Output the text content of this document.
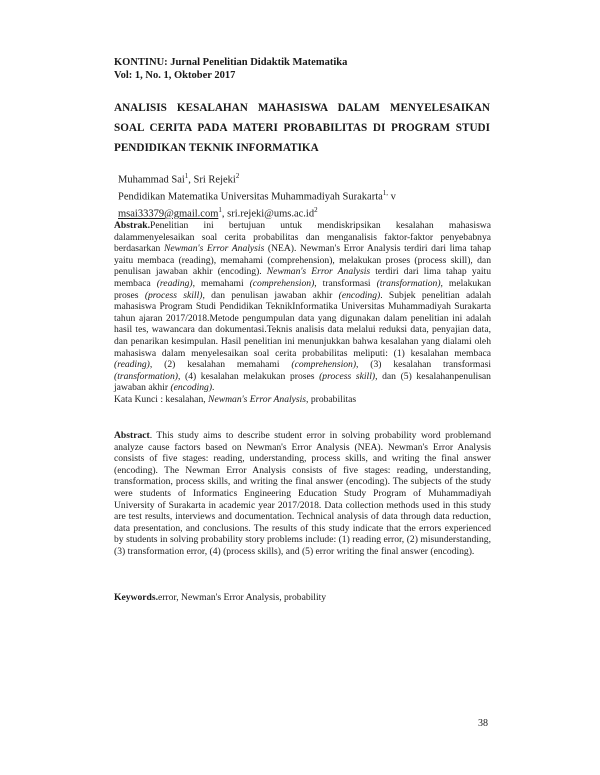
KONTINU: Jurnal Penelitian Didaktik Matematika
Vol: 1, No. 1, Oktober 2017
ANALISIS KESALAHAN MAHASISWA DALAM MENYELESAIKAN
SOAL CERITA PADA MATERI PROBABILITAS DI PROGRAM STUDI
PENDIDIKAN TEKNIK INFORMATIKA
Muhammad Sai$^1$, Sri Rejeki$^2$
Pendidikan Matematika Universitas Muhammadiyah Surakarta$^{1,}$ v
msai33379@gmail.com$^1$, $sri.rejeki@ums.ac.id^2$
Abstrak.Penelitian ini bertujuan untuk mendiskripsikan kesalahan mahasiswa dalammenyelesaikan soal cerita probabilitas dan menganalisis faktor-faktor penyebabnya berdasarkan Newman's Error Analysis (NEA). Newman's Error Analysis terdiri dari lima tahap yaitu membaca (reading), memahami (comprehension), melakukan proses (process skill), dan penulisan jawaban akhir (encoding). Newman's Error Analysis terdiri dari lima tahap yaitu membaca (reading), memahami (comprehension), transformasi (transformation), melakukan proses (process skill), dan penulisan jawaban akhir (encoding). Subjek penelitian adalah mahasiswa Program Studi Pendidikan TeknikInformatika Universitas Muhammadiyah Surakarta tahun ajaran 2017/2018.Metode pengumpulan data yang digunakan dalam penelitian ini adalah hasil tes, wawancara dan dokumentasi.Teknis analisis data melalui reduksi data, penyajian data, dan penarikan kesimpulan. Hasil penelitian ini menunjukkan bahwa kesalahan yang dialami oleh mahasiswa dalam menyelesaikan soal cerita probabilitas meliputi: (1) kesalahan membaca (reading), (2) kesalahan memahami (comprehension), (3) kesalahan transformasi (transformation), (4) kesalahan melakukan proses (process skill), dan (5) kesalahanpenulisan jawaban akhir (encoding).
Kata Kunci : kesalahan, Newman's Error Analysis, probabilitas
Abstract. This study aims to describe student error in solving probability word problemand analyze cause factors based on Newman's Error Analysis (NEA). Newman's Error Analysis consists of five stages: reading, understanding, process skills, and writing the final answer (encoding). The Newman Error Analysis consists of five stages: reading, understanding, transformation, process skills, and writing the final answer (encoding). The subjects of the study were students of Informatics Engineering Education Study Program of Muhammadiyah University of Surakarta in academic year 2017/2018. Data collection methods used in this study are test results, interviews and documentation. Technical analysis of data through data reduction, data presentation, and conclusions. The results of this study indicate that the errors experienced by students in solving probability story problems include: (1) reading error, (2) misunderstanding, (3) transformation error, (4) (process skills), and (5) error writing the final answer (encoding).
Keywords.error, Newman's Error Analysis, probability
38
